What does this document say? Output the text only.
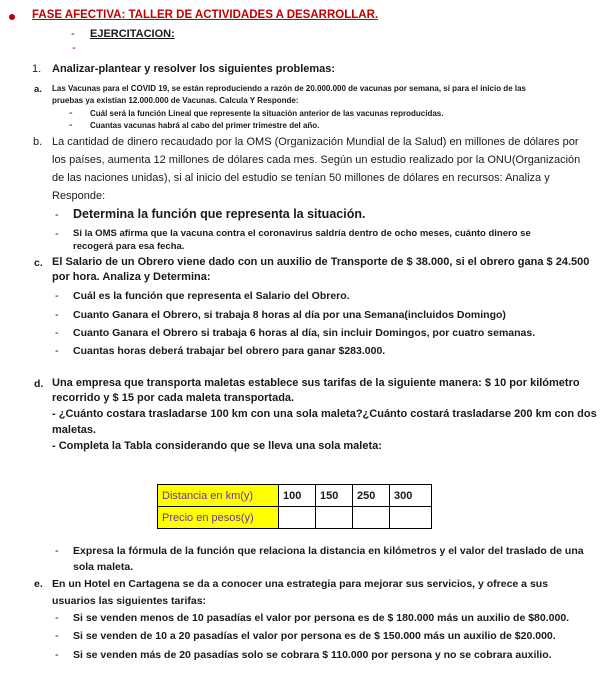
FASE AFECTIVA: TALLER DE ACTIVIDADES A DESARROLLAR.
- EJERCITACION:
-
1. Analizar-plantear y resolver los siguientes problemas:
a. Las Vacunas para el COVID 19, se están reproduciendo a razón de 20.000.000 de vacunas por semana, si para el inicio de las
pruebas ya existían 12.000.000 de Vacunas. Calcula Y Responde:
- Cuál será la función Lineal que represente la situación anterior de las vacunas reproducidas.
- Cuantas vacunas habrá al cabo del primer trimestre del año.
b. La cantidad de dinero recaudado por la OMS (Organización Mundial de la Salud) en millones de dólares por
los países, aumenta 12 millones de dólares cada mes. Según un estudio realizado por la ONU(Organización
de las naciones unidas), si al inicio del estudio se tenían 50 millones de dólares en recursos: Analiza y
Responde:
- Determina la función que representa la situación.
- Si la OMS afirma que la vacuna contra el coronavirus saldría dentro de ocho meses, cuánto dinero se
recogerá para esa fecha.
c. El Salario de un Obrero viene dado con un auxilio de Transporte de $ 38.000, si el obrero gana $ 24.500
por hora. Analiza y Determina:
- Cuál es la función que representa el Salario del Obrero.
- Cuanto Ganara el Obrero, si trabaja 8 horas al día por una Semana(incluidos Domingo)
- Cuanto Ganara el Obrero si trabaja 6 horas al día, sin incluir Domingos, por cuatro semanas.
- Cuantas horas deberá trabajar bel obrero para ganar $283.000.
d. Una empresa que transporta maletas establece sus tarifas de la siguiente manera: $ 10 por kilómetro
recorrido y $ 15 por cada maleta transportada.
- ¿Cuánto costara trasladarse 100 km con una sola maleta?¿Cuánto costará trasladarse 200 km con dos
maletas.
- Completa la Tabla considerando que se lleva una sola maleta:
Distancia en km(y)	100	150	250	300
Precio en pesos(y)				
- Expresa la fórmula de la función que relaciona la distancia en kilómetros y el valor del traslado de una
sola maleta.
e. En un Hotel en Cartagena se da a conocer una estrategia para mejorar sus servicios, y ofrece a sus
usuarios las siguientes tarifas:
- Si se venden menos de 10 pasadías el valor por persona es de $ 180.000 más un auxilio de $80.000.
- Si se venden de 10 a 20 pasadías el valor por persona es de $ 150.000 más un auxilio de $20.000.
- Si se venden más de 20 pasadías solo se cobrara $ 110.000 por persona y no se cobrara auxilio.
